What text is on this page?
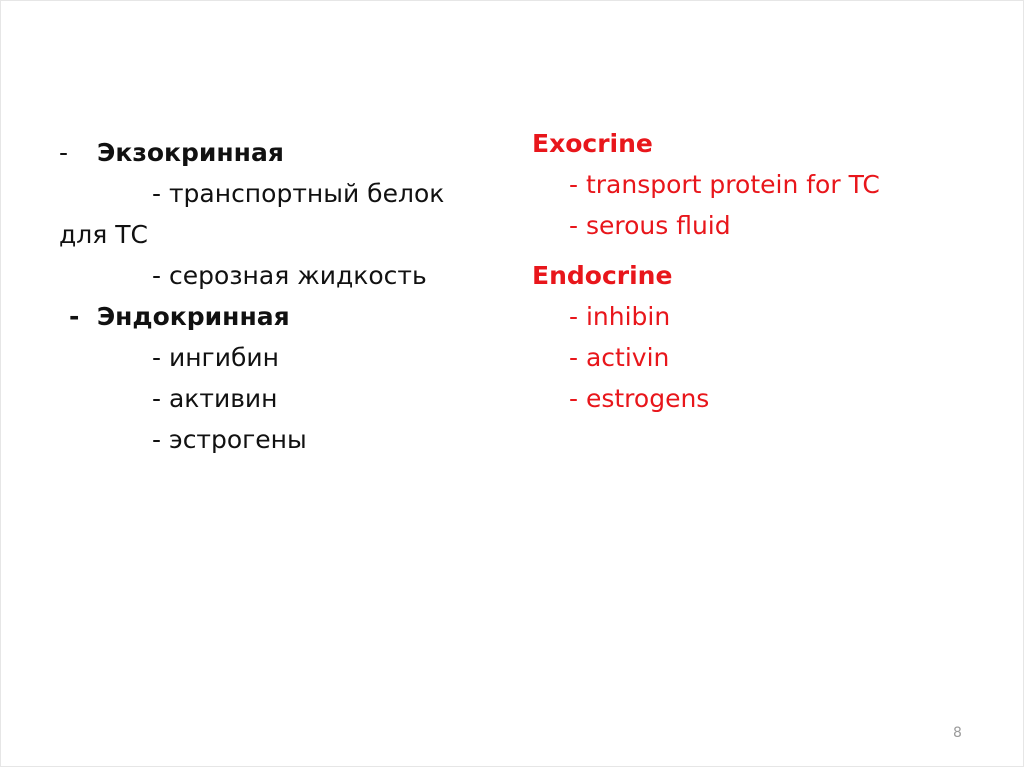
- Экзокринная
- транспортный белок
для ТС
- серозная жидкость
- Эндокринная
- ингибин
- активин
- эстрогены
Exocrine
- transport protein for TC
- serous fluid
Endocrine
- inhibin
- activin
- estrogens
8
